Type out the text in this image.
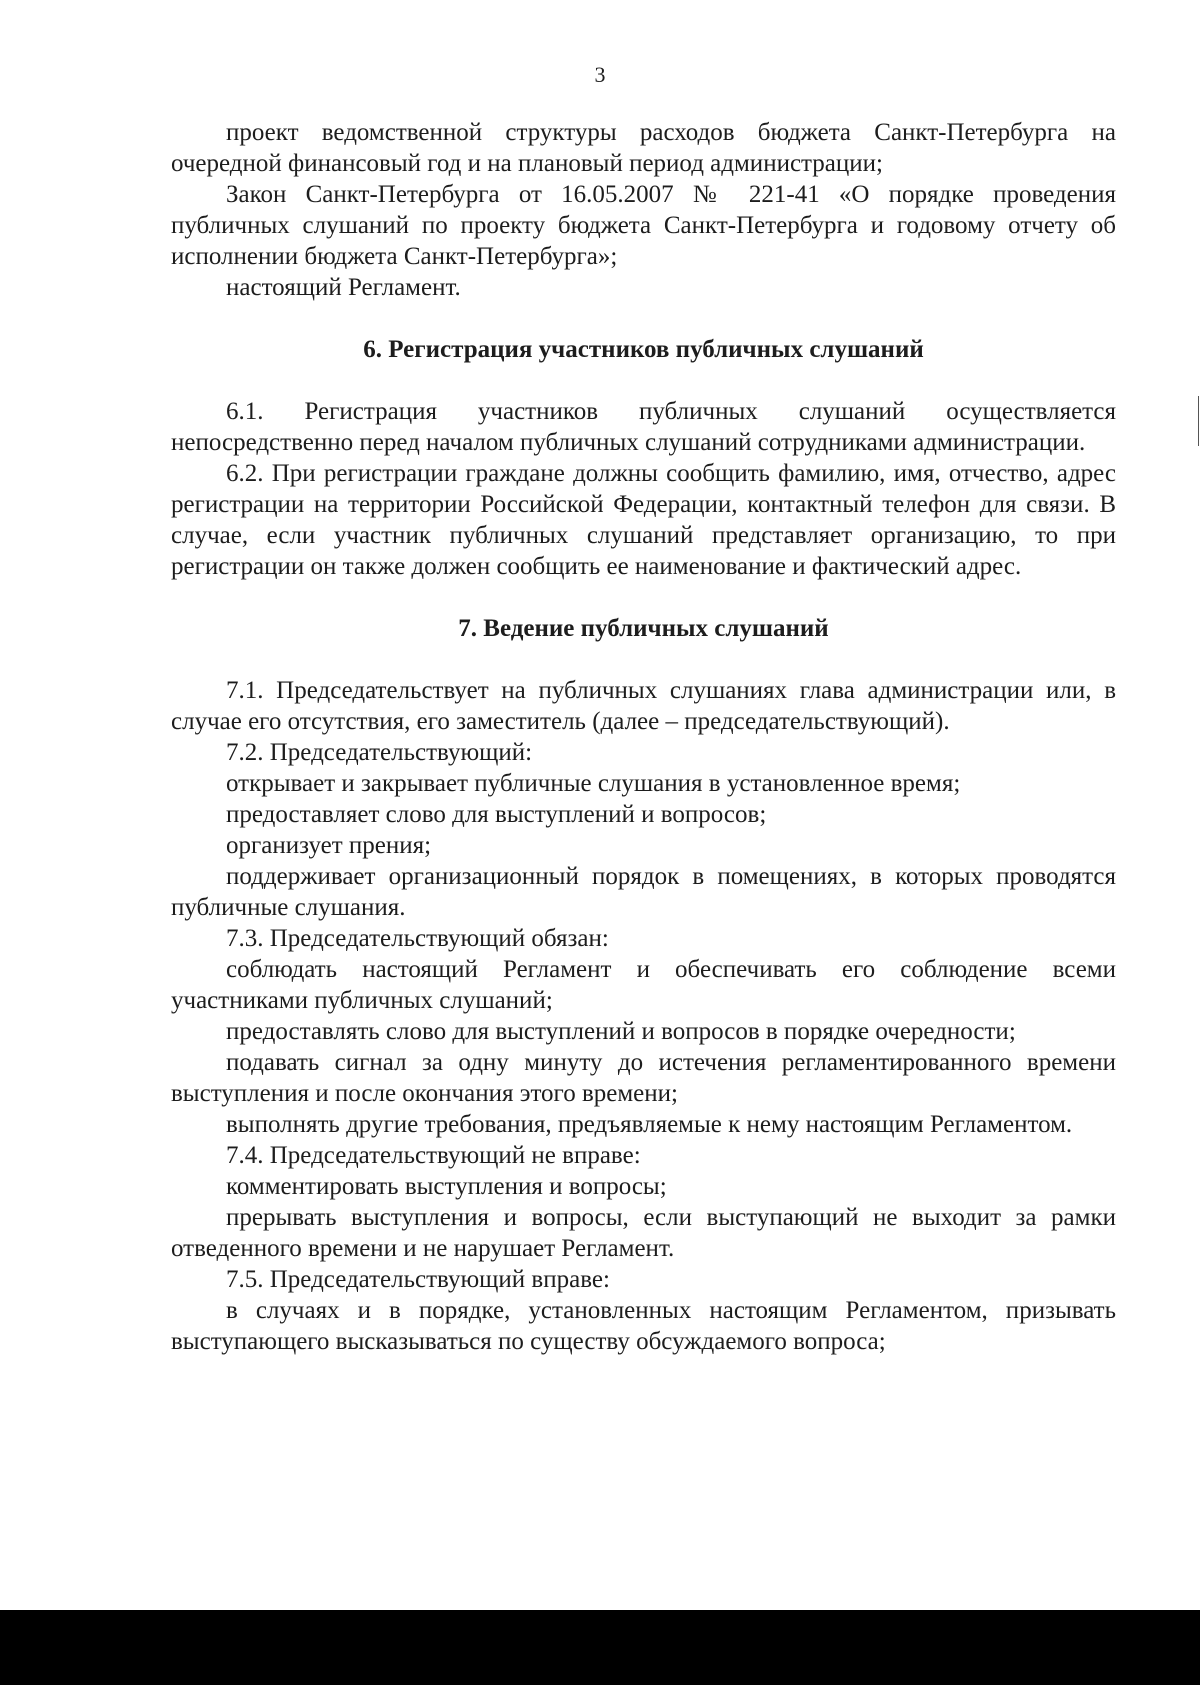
3

проект ведомственной структуры расходов бюджета Санкт-Петербурга на очередной финансовый год и на плановый период администрации;

Закон Санкт-Петербурга от 16.05.2007 № 221-41 «О порядке проведения публичных слушаний по проекту бюджета Санкт-Петербурга и годовому отчету об исполнении бюджета Санкт-Петербурга»;

настоящий Регламент.

6. Регистрация участников публичных слушаний

6.1. Регистрация участников публичных слушаний осуществляется непосредственно перед началом публичных слушаний сотрудниками администрации.

6.2. При регистрации граждане должны сообщить фамилию, имя, отчество, адрес регистрации на территории Российской Федерации, контактный телефон для связи. В случае, если участник публичных слушаний представляет организацию, то при регистрации он также должен сообщить ее наименование и фактический адрес.

7. Ведение публичных слушаний

7.1. Председательствует на публичных слушаниях глава администрации или, в случае его отсутствия, его заместитель (далее – председательствующий).

7.2. Председательствующий:

открывает и закрывает публичные слушания в установленное время;

предоставляет слово для выступлений и вопросов;

организует прения;

поддерживает организационный порядок в помещениях, в которых проводятся публичные слушания.

7.3. Председательствующий обязан:

соблюдать настоящий Регламент и обеспечивать его соблюдение всеми участниками публичных слушаний;

предоставлять слово для выступлений и вопросов в порядке очередности;

подавать сигнал за одну минуту до истечения регламентированного времени выступления и после окончания этого времени;

выполнять другие требования, предъявляемые к нему настоящим Регламентом.

7.4. Председательствующий не вправе:

комментировать выступления и вопросы;

прерывать выступления и вопросы, если выступающий не выходит за рамки отведенного времени и не нарушает Регламент.

7.5. Председательствующий вправе:

в случаях и в порядке, установленных настоящим Регламентом, призывать выступающего высказываться по существу обсуждаемого вопроса;
